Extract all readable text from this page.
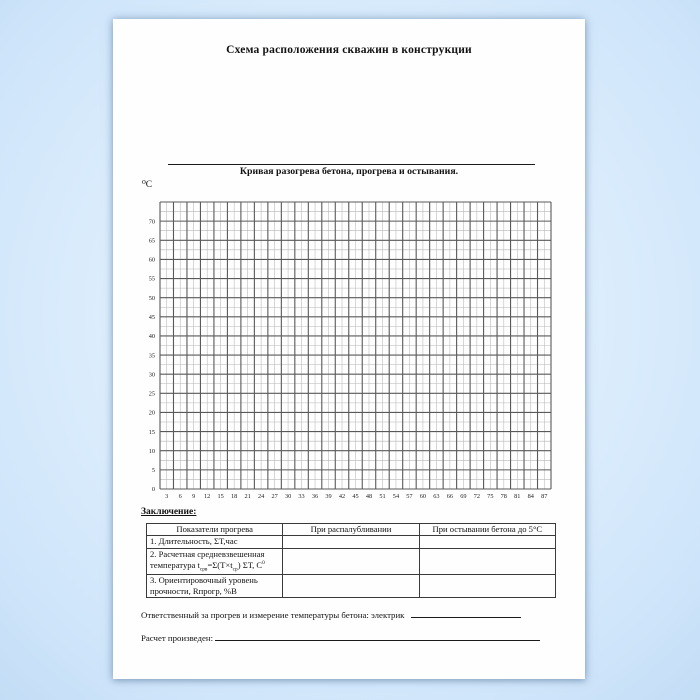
Схема расположения скважин в конструкции
Кривая разогрева бетона, прогрева и остывания.
⁰С
3 6 9 12 15 18 21 24 27 30 33 36 39 42 45 48 51 54 57 60 63 66 69 72 75 78 81 84 87
70
65
60
55
50
45
40
35
30
25
20
15
10
5
0
Заключение:
Показатели прогрева	При распалубливании	При остывании бетона до 5°С
1. Длительность, ΣТ,час		
2. Расчетная средневзвешенная
температура $t_{срв}=\Sigma(Т\times t_{ср})$ ΣТ, $С^0$		
3. Ориентировочный уровень
прочности, Rпрогр, %В		
Ответственный за прогрев и измерение температуры бетона: электрик
Расчет произведен:
